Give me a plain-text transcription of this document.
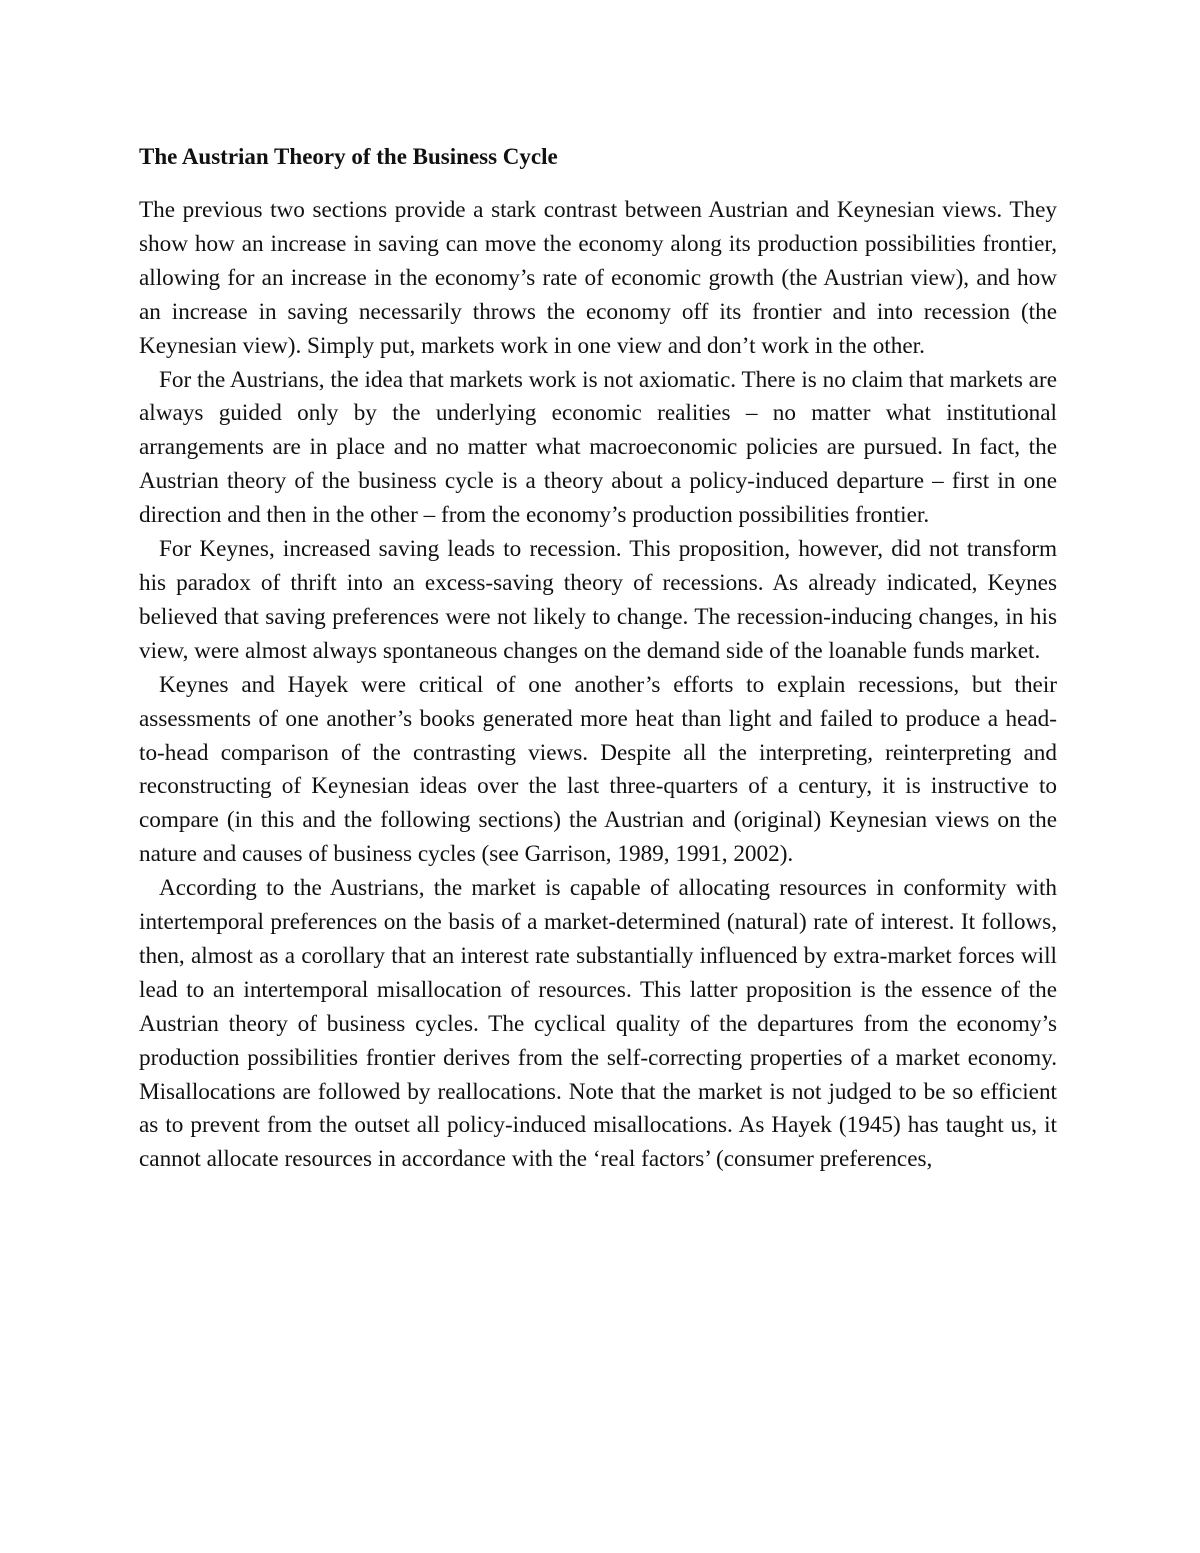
The Austrian Theory of the Business Cycle

The previous two sections provide a stark contrast between Austrian and Keynesian views. They show how an increase in saving can move the economy along its production possibilities frontier, allowing for an increase in the economy’s rate of economic growth (the Austrian view), and how an increase in saving necessarily throws the economy off its frontier and into recession (the Keynesian view). Simply put, markets work in one view and don’t work in the other.

For the Austrians, the idea that markets work is not axiomatic. There is no claim that markets are always guided only by the underlying economic realities – no matter what institutional arrangements are in place and no matter what macroeconomic policies are pursued. In fact, the Austrian theory of the business cycle is a theory about a policy-induced departure – first in one direction and then in the other – from the economy’s production possibilities frontier.

For Keynes, increased saving leads to recession. This proposition, however, did not transform his paradox of thrift into an excess-saving theory of recessions. As already indicated, Keynes believed that saving preferences were not likely to change. The recession-inducing changes, in his view, were almost always spontaneous changes on the demand side of the loanable funds market.

Keynes and Hayek were critical of one another’s efforts to explain recessions, but their assessments of one another’s books generated more heat than light and failed to produce a head-to-head comparison of the contrasting views. Despite all the interpreting, reinterpreting and reconstructing of Keynesian ideas over the last three-quarters of a century, it is instructive to compare (in this and the following sections) the Austrian and (original) Keynesian views on the nature and causes of business cycles (see Garrison, 1989, 1991, 2002).

According to the Austrians, the market is capable of allocating resources in conformity with intertemporal preferences on the basis of a market-determined (natural) rate of interest. It follows, then, almost as a corollary that an interest rate substantially influenced by extra-market forces will lead to an intertemporal misallocation of resources. This latter proposition is the essence of the Austrian theory of business cycles. The cyclical quality of the departures from the economy’s production possibilities frontier derives from the self-correcting properties of a market economy. Misallocations are followed by reallocations. Note that the market is not judged to be so efficient as to prevent from the outset all policy-induced misallocations. As Hayek (1945) has taught us, it cannot allocate resources in accordance with the ‘real factors’ (consumer preferences,
